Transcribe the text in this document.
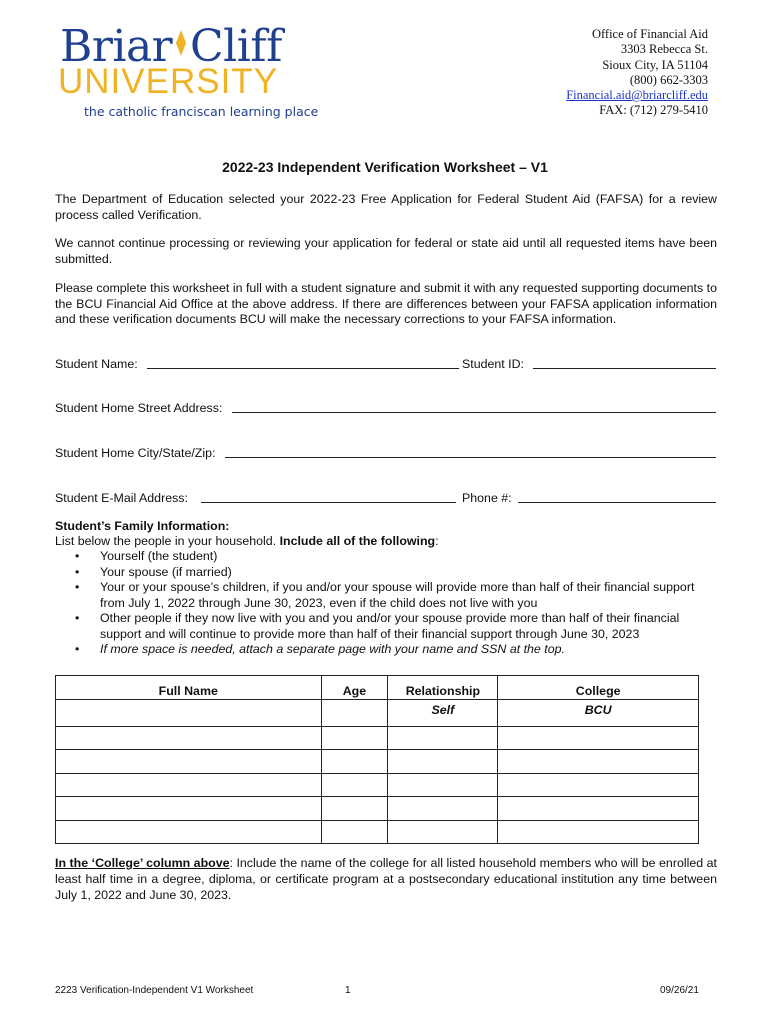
Briar Cliff
UNIVERSITY
the catholic franciscan learning place
Office of Financial Aid
3303 Rebecca St.
Sioux City, IA 51104
(800) 662-3303
Financial.aid@briarcliff.edu
FAX: (712) 279-5410
2022-23 Independent Verification Worksheet – V1
The Department of Education selected your 2022-23 Free Application for Federal Student Aid (FAFSA) for a review process called Verification.
We cannot continue processing or reviewing your application for federal or state aid until all requested items have been submitted.
Please complete this worksheet in full with a student signature and submit it with any requested supporting documents to the BCU Financial Aid Office at the above address. If there are differences between your FAFSA application information and these verification documents BCU will make the necessary corrections to your FAFSA information.
Student Name:	Student ID:
Student Home Street Address:
Student Home City/State/Zip:
Student E-Mail Address:	Phone #:
Student’s Family Information:
List below the people in your household. Include all of the following:
• Yourself (the student)
• Your spouse (if married)
• Your or your spouse’s children, if you and/or your spouse will provide more than half of their financial support from July 1, 2022 through June 30, 2023, even if the child does not live with you
• Other people if they now live with you and you and/or your spouse provide more than half of their financial support and will continue to provide more than half of their financial support through June 30, 2023
• If more space is needed, attach a separate page with your name and SSN at the top.
Full Name	Age	Relationship	College
		Self	BCU

In the ‘College’ column above: Include the name of the college for all listed household members who will be enrolled at least half time in a degree, diploma, or certificate program at a postsecondary educational institution any time between July 1, 2022 and June 30, 2023.
2223 Verification-Independent V1 Worksheet	1	09/26/21
